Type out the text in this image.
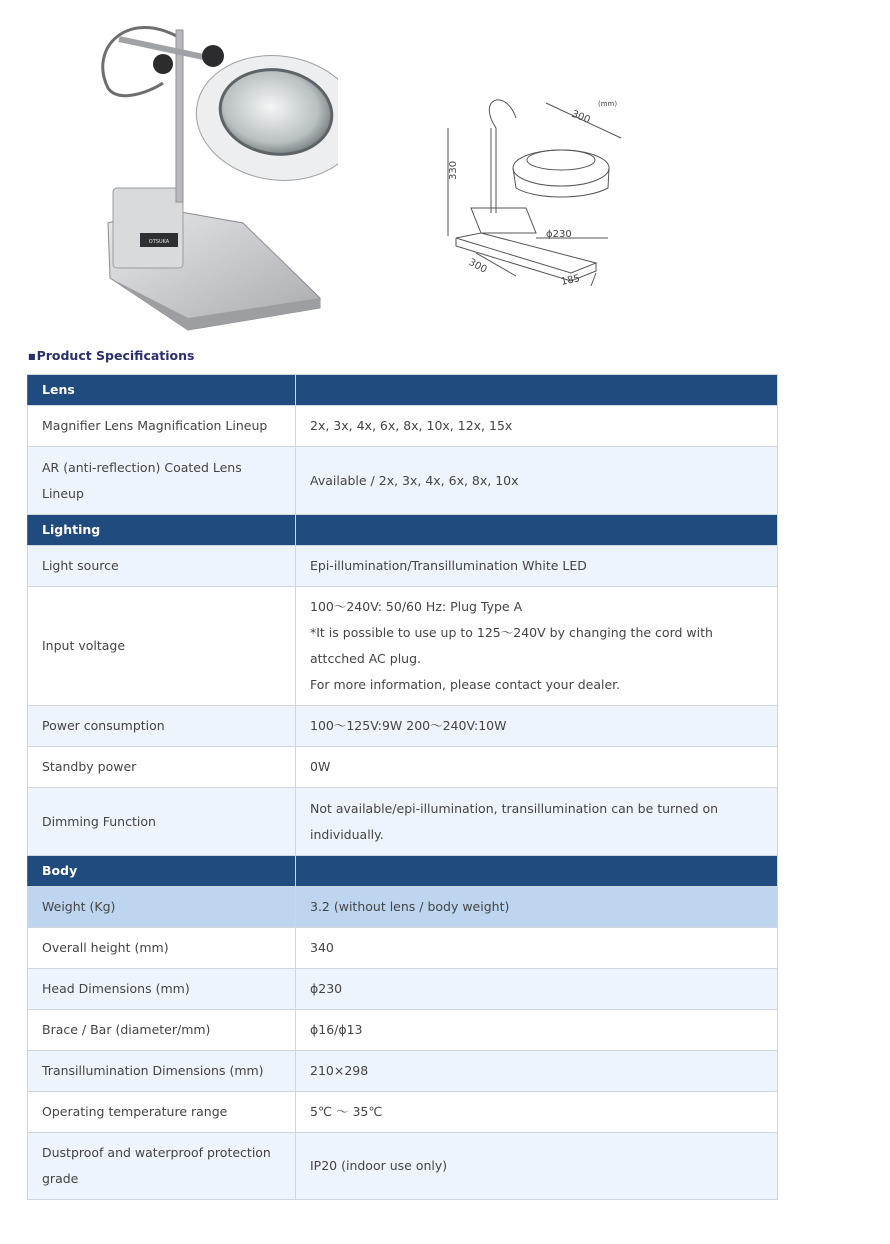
OTSUKA
(mm)
300
330
ϕ230
300
185
■Product Specifications
Lens	
Magnifier Lens Magnification Lineup	2x, 3x, 4x, 6x, 8x, 10x, 12x, 15x
AR (anti-reflection) Coated Lens Lineup	Available / 2x, 3x, 4x, 6x, 8x, 10x
Lighting	
Light source	Epi-illumination/Transillumination White LED
Input voltage	100～240V: 50/60 Hz: Plug Type A
*It is possible to use up to 125～240V by changing the cord with attcched AC plug.
For more information, please contact your dealer.

Power consumption	100～125V:9W 200～240V:10W
Standby power	0W
Dimming Function	Not available/epi-illumination, transillumination can be turned on individually.
Body	
Weight (Kg)	3.2 (without lens / body weight)
Overall height (mm)	340
Head Dimensions (mm)	ϕ230
Brace / Bar (diameter/mm)	ϕ16/ϕ13
Transillumination Dimensions (mm)	210×298
Operating temperature range	5℃ ～ 35℃
Dustproof and waterproof protection grade	IP20 (indoor use only)
